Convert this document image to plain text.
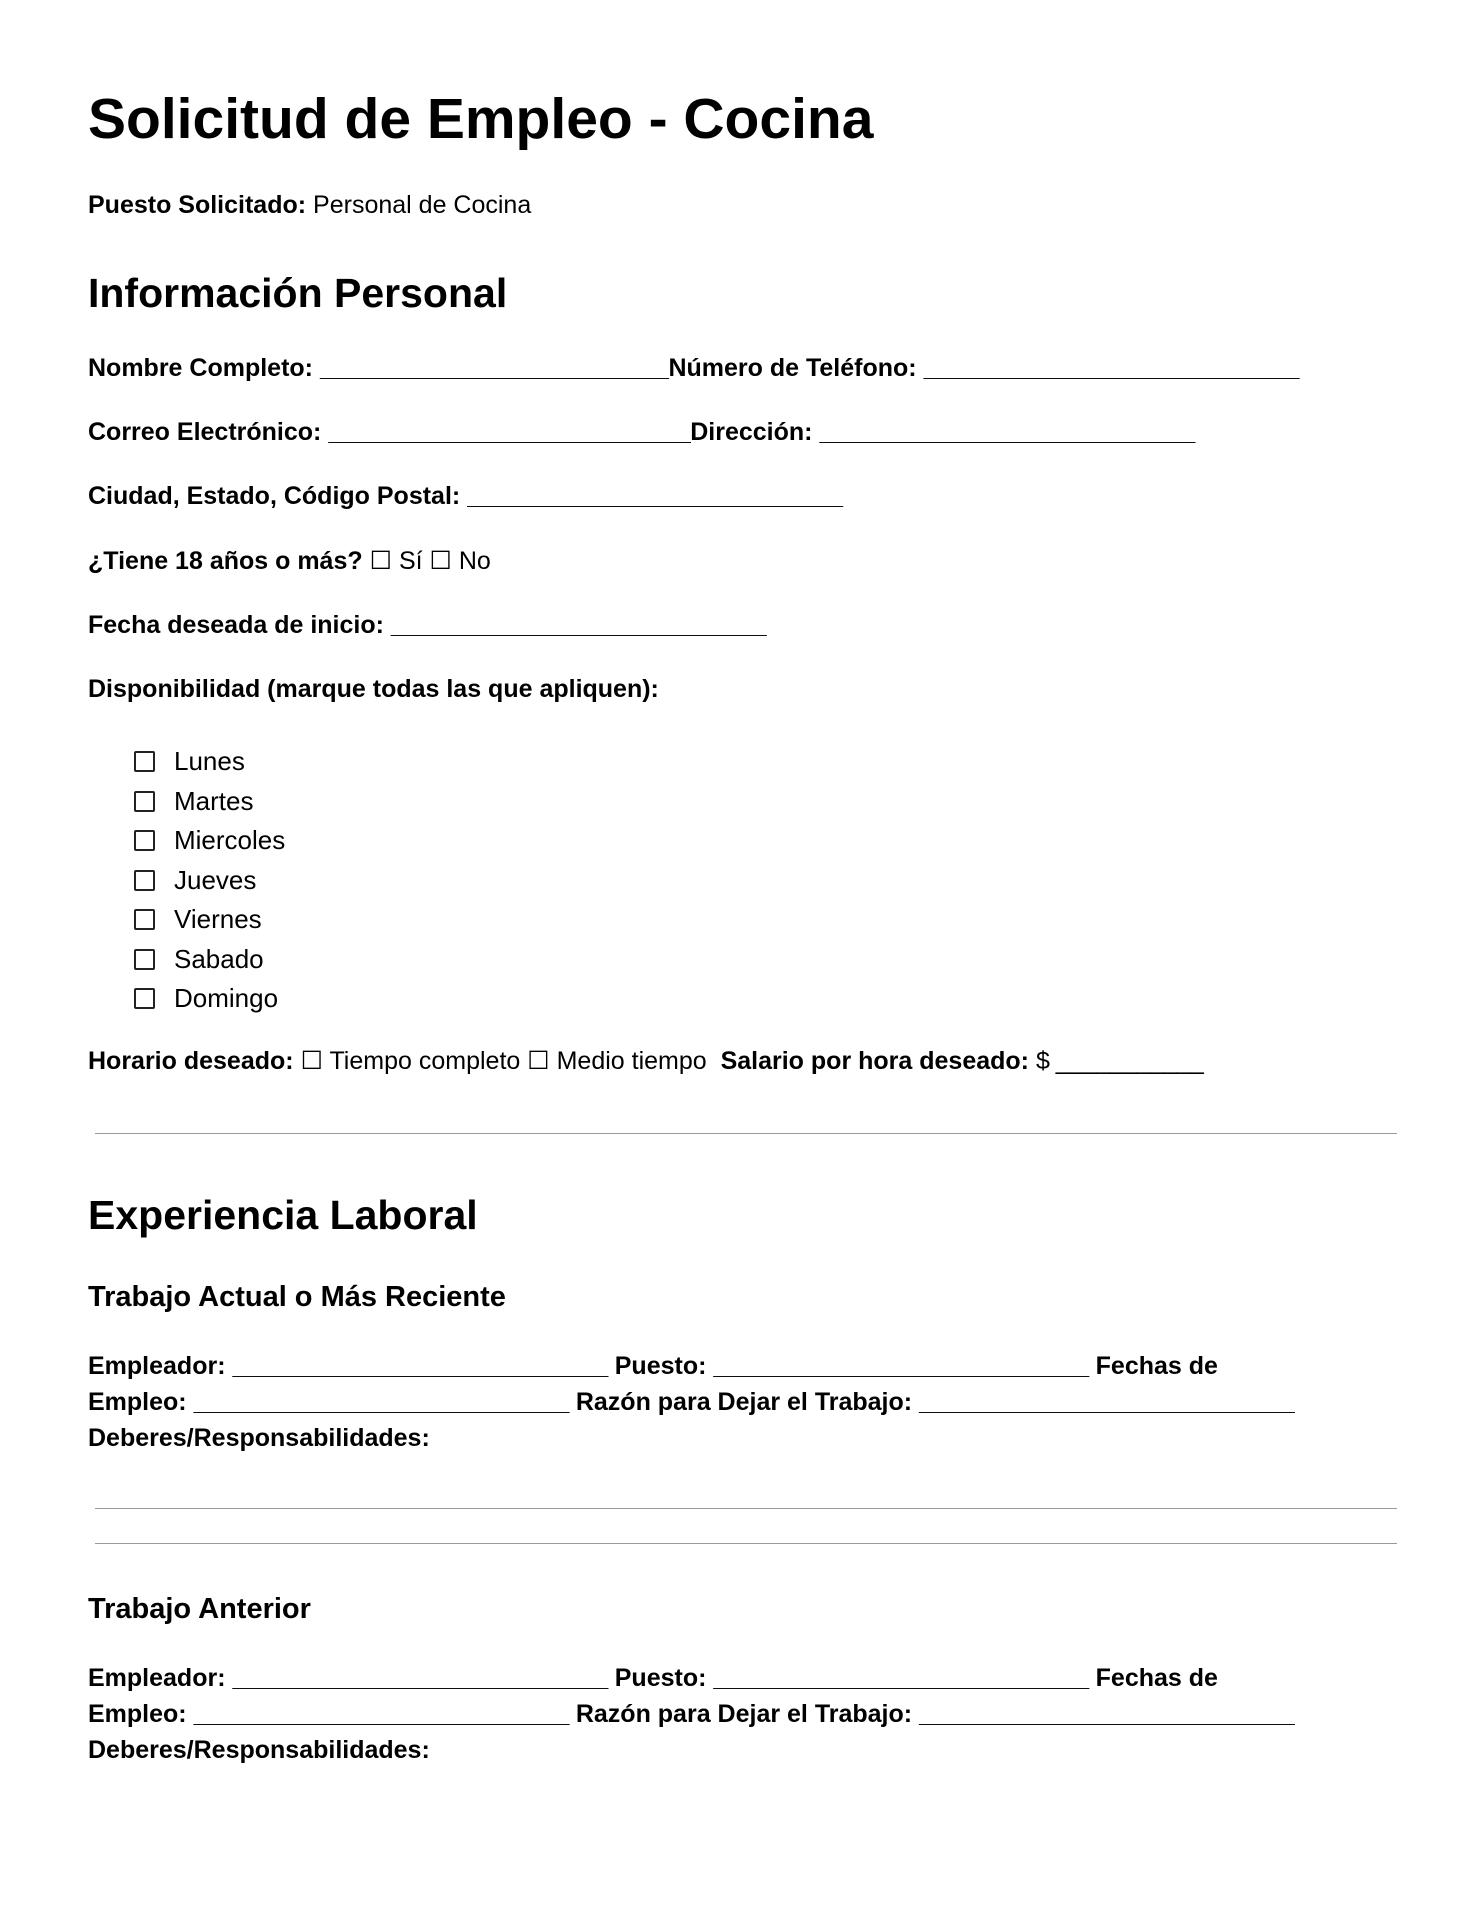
Solicitud de Empleo - Cocina
Puesto Solicitado: Personal de Cocina
Información Personal
Nombre Completo: __________________________Número de Teléfono: ____________________________
Correo Electrónico: ___________________________Dirección: ____________________________
Ciudad, Estado, Código Postal: ____________________________
¿Tiene 18 años o más? ☐ Sí ☐ No
Fecha deseada de inicio: ____________________________
Disponibilidad (marque todas las que apliquen):
Lunes
Martes
Miercoles
Jueves
Viernes
Sabado
Domingo
Horario deseado: ☐ Tiempo completo ☐ Medio tiempo Salario por hora deseado: $ ___________
Experiencia Laboral
Trabajo Actual o Más Reciente
Empleador: ____________________________ Puesto: ____________________________ Fechas de
Empleo: ____________________________ Razón para Dejar el Trabajo: ____________________________
Deberes/Responsabilidades:
Trabajo Anterior
Empleador: ____________________________ Puesto: ____________________________ Fechas de
Empleo: ____________________________ Razón para Dejar el Trabajo: ____________________________
Deberes/Responsabilidades:
